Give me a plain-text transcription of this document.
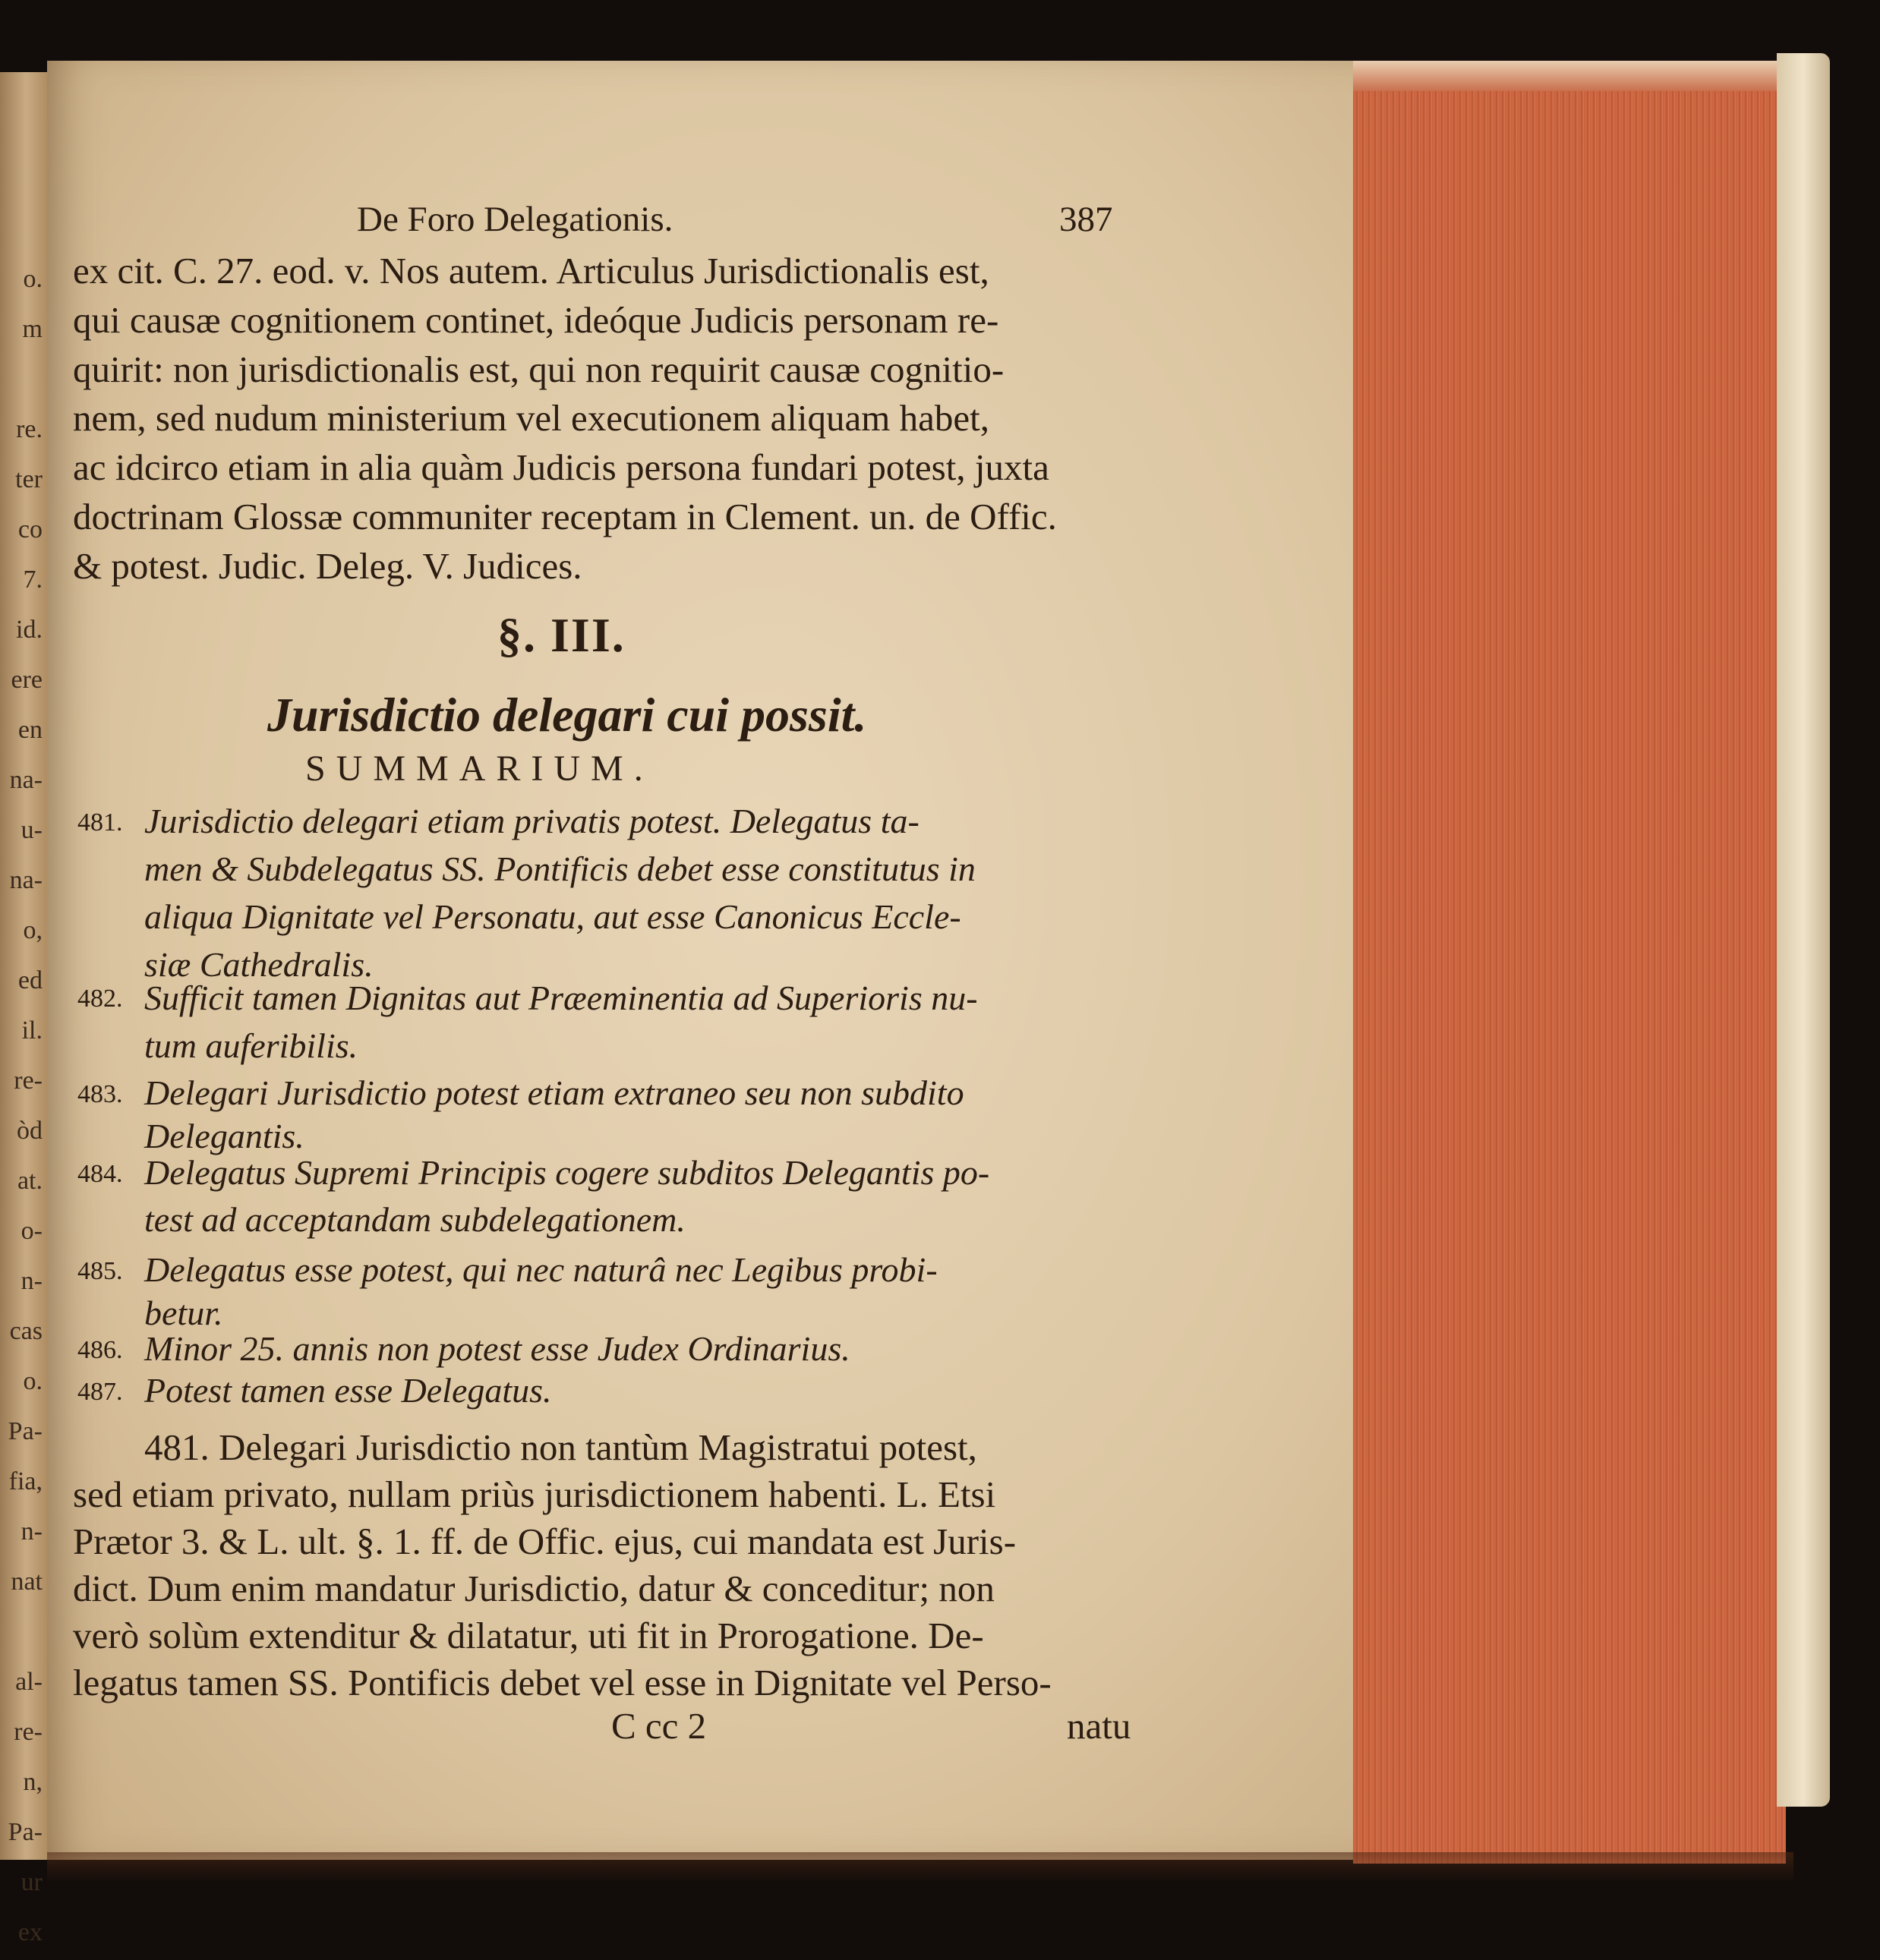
o.
m
re.
ter
co
7.
id.
ere
en
na-
u-
na-
o,
ed
il.
re-
òd
at.
o-
n-
cas
o.
Pa-
fia,
n-
nat
al-
re-
n,
Pa-
ur
ex
De Foro Delegationis.	387
ex cit. C. 27. eod. v. Nos autem. Articulus Jurisdictionalis est,
qui causæ cognitionem continet, ideóque Judicis personam re-
quirit: non jurisdictionalis est, qui non requirit causæ cognitio-
nem, sed nudum ministerium vel executionem aliquam habet,
ac idcirco etiam in alia quàm Judicis persona fundari potest, juxta
doctrinam Glossæ communiter receptam in Clement. un. de Offic.
& potest. Judic. Deleg. V. Judices.
§. III.
Jurisdictio delegari cui possit.
SUMMARIUM.
481. Jurisdictio delegari etiam privatis potest. Delegatus ta-
men & Subdelegatus SS. Pontificis debet esse constitutus in
aliqua Dignitate vel Personatu, aut esse Canonicus Eccle-
siæ Cathedralis.
482. Sufficit tamen Dignitas aut Præeminentia ad Superioris nu-
tum auferibilis.
483. Delegari Jurisdictio potest etiam extraneo seu non subdito
Delegantis.
484. Delegatus Supremi Principis cogere subditos Delegantis po-
test ad acceptandam subdelegationem.
485. Delegatus esse potest, qui nec naturâ nec Legibus probi-
betur.
486. Minor 25. annis non potest esse Judex Ordinarius.
487. Potest tamen esse Delegatus.
481. Delegari Jurisdictio non tantùm Magistratui potest,
sed etiam privato, nullam priùs jurisdictionem habenti. L. Etsi
Prætor 3. & L. ult. §. 1. ff. de Offic. ejus, cui mandata est Juris-
dict. Dum enim mandatur Jurisdictio, datur & conceditur; non
verò solùm extenditur & dilatatur, uti fit in Prorogatione. De-
legatus tamen SS. Pontificis debet vel esse in Dignitate vel Perso-
C cc 2	natu
